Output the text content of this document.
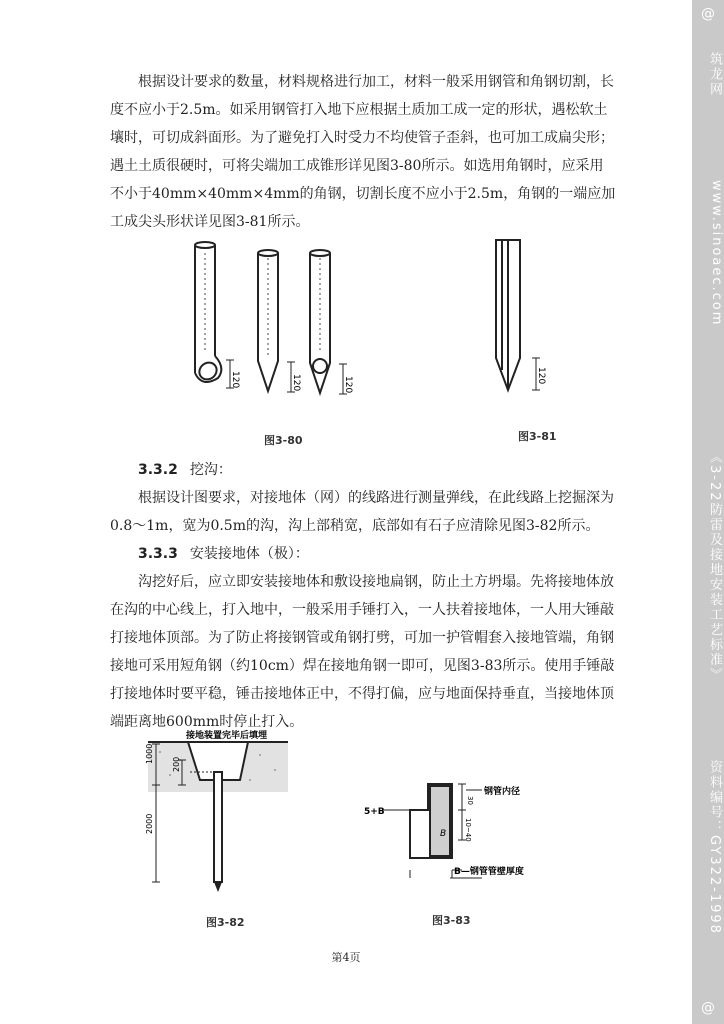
根据设计要求的数量，材料规格进行加工，材料一般采用钢管和角钢切割，长度不应小于2.5m。如采用钢管打入地下应根据土质加工成一定的形状，遇松软土壤时，可切成斜面形。为了避免打入时受力不均使管子歪斜，也可加工成扁尖形；遇土土质很硬时，可将尖端加工成锥形详见图3-80所示。如选用角钢时，应采用不小于40mm×40mm×4mm的角钢，切割长度不应小于2.5m，角钢的一端应加工成尖头形状详见图3-81所示。

120	120	120
图3-80
120
图3-81
3.3.2 挖沟：

根据设计图要求，对接地体（网）的线路进行测量弹线，在此线路上挖掘深为0.8～1m，宽为0.5m的沟，沟上部稍宽，底部如有石子应清除见图3-82所示。

3.3.3 安装接地体（极）：

沟挖好后，应立即安装接地体和敷设接地扁钢，防止土方坍塌。先将接地体放在沟的中心线上，打入地中，一般采用手锤打入，一人扶着接地体，一人用大锤敲打接地体顶部。为了防止将接钢管或角钢打劈，可加一护管帽套入接地管端，角钢接地可采用短角钢（约10cm）焊在接地角钢一即可，见图3-83所示。使用手锤敲打接地体时要平稳，锤击接地体正中，不得打偏，应与地面保持垂直，当接地体顶端距离地600mm时停止打入。

接地装置完毕后填埋
1000
200
2000
图3-82
钢管内径
5+B
B
30
10~40
B—钢管管壁厚度
图3-83
第4页
@
筑龙网
www.sinoaec.com
《3-22防雷及接地安装工艺标准》
资料编号：GY322-1998
@
